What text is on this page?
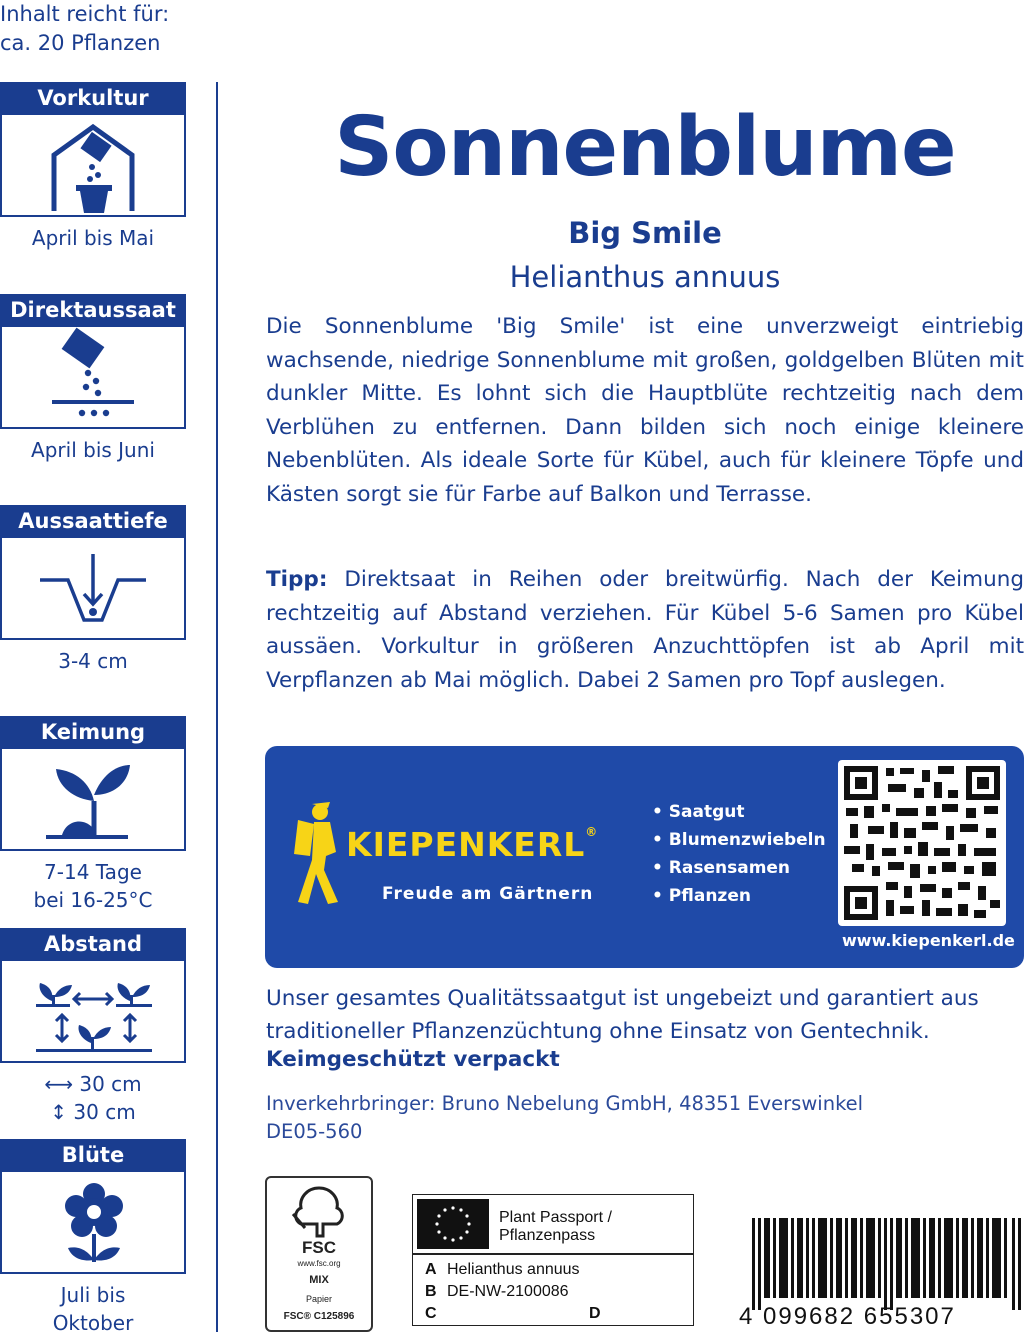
Inhalt reicht für:
ca. 20 Pflanzen
Vorkultur
April bis Mai
Direktaussaat
April bis Juni
Aussaattiefe
3-4 cm
Keimung
7-14 Tage
bei 16-25°C
Abstand
⟷ 30 cm
↕ 30 cm
Blüte
Juli bis
Oktober
Sonnenblume
Big Smile
Helianthus annuus
Die Sonnenblume 'Big Smile' ist eine unverzweigt eintriebig wachsende, niedrige Sonnenblume mit großen, goldgelben Blüten mit dunkler Mitte. Es lohnt sich die Hauptblüte rechtzeitig nach dem Verblühen zu entfernen. Dann bilden sich noch einige kleinere Nebenblüten. Als ideale Sorte für Kübel, auch für kleinere Töpfe und Kästen sorgt sie für Farbe auf Balkon und Terrasse.
Tipp: Direktsaat in Reihen oder breitwürfig. Nach der Keimung rechtzeitig auf Abstand verziehen. Für Kübel 5-6 Samen pro Kübel aussäen. Vorkultur in größeren Anzuchttöpfen ist ab April mit Verpflanzen ab Mai möglich. Dabei 2 Samen pro Topf auslegen.
KIEPENKERL®
Freude am Gärtnern
• Saatgut
• Blumenzwiebeln
• Rasensamen
• Pflanzen
www.kiepenkerl.de
Unser gesamtes Qualitätssaatgut ist ungebeizt und garantiert aus traditioneller Pflanzenzüchtung ohne Einsatz von Gentechnik.
Keimgeschützt verpackt
Inverkehrbringer: Bruno Nebelung GmbH, 48351 Everswinkel
DE05-560
FSC
www.fsc.org
MIX
Papier
FSC® C125896
Plant Passport /
Pflanzenpass
A Helianthus annuus
B DE-NW-2100086
C	D	4 099682 655307
